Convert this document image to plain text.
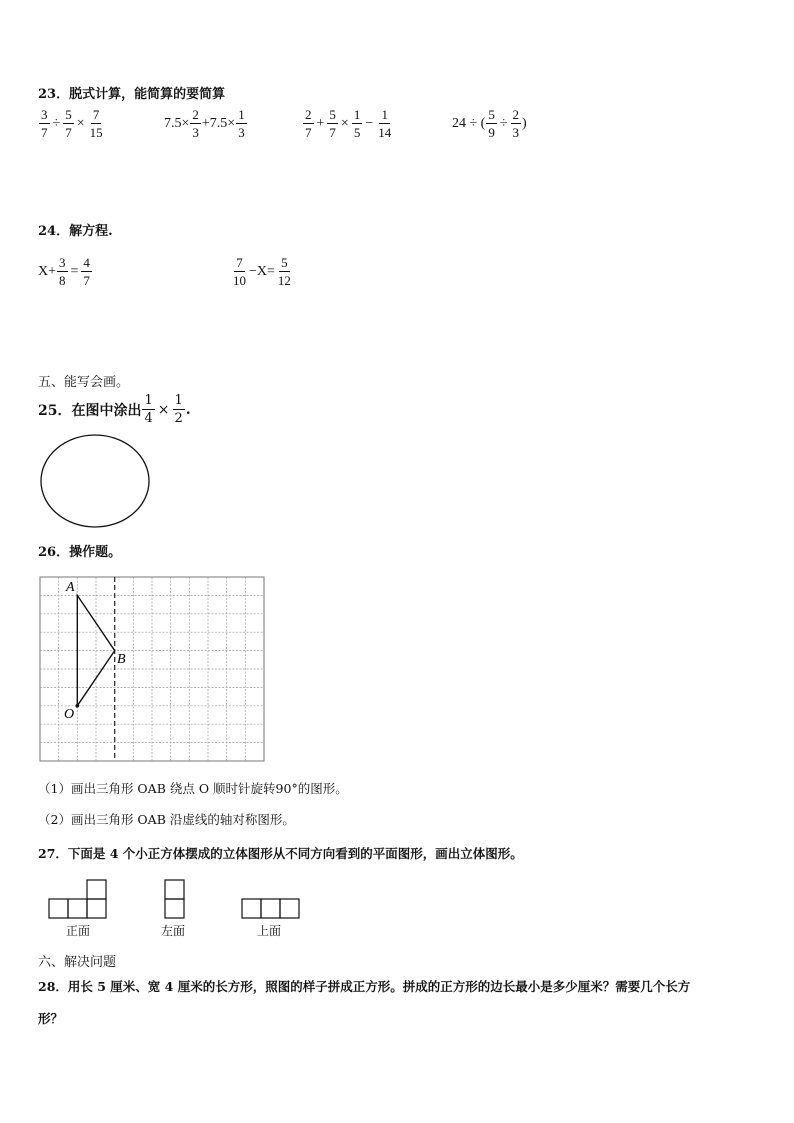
23．脱式计算，能简算的要简算
$\frac{3}{7} \div \frac{5}{7} \times \frac{7}{15}$	$7.5\times \frac{2}{3} +7.5\times \frac{1}{3}$	$\frac{2}{7} + \frac{5}{7} \times \frac{1}{5} - \frac{1}{14}$	24 ÷ ( $\frac{5}{9} \div \frac{2}{3}$ )
24．解方程.
$X+ \frac{3}{8} = \frac{4}{7}$	$\frac{7}{10} -X= \frac{5}{12}$
五、能写会画。
25．在图中涂出 $\frac{1}{4} \times \frac{1}{2}$ .
26．操作题。
A
B
O
（1）画出三角形 OAB 绕点 O 顺时针旋转90°的图形。
（2）画出三角形 OAB 沿虚线的轴对称图形。
27．下面是 4 个小正方体摆成的立体图形从不同方向看到的平面图形，画出立体图形。
正面	左面	上面
六、解决问题
28．用长 5 厘米、宽 4 厘米的长方形，照图的样子拼成正方形。拼成的正方形的边长最小是多少厘米？需要几个长方
形？
